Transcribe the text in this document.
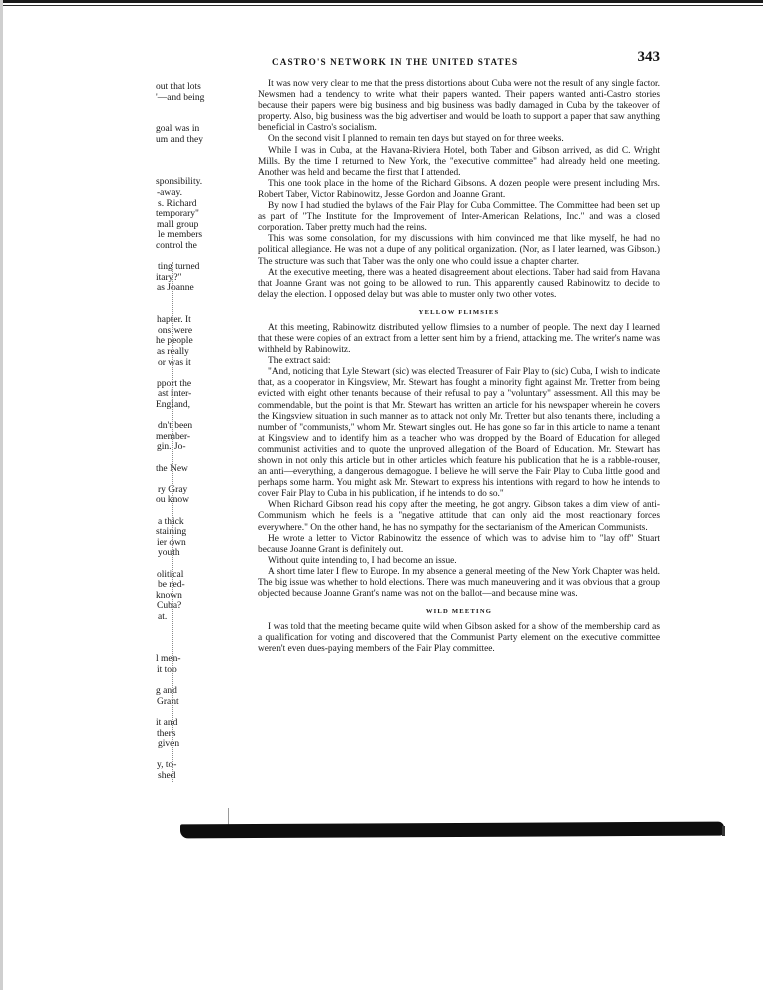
CASTRO'S NETWORK IN THE UNITED STATES	343
out that lots
'—and being
goal was in
um and they
sponsibility.
-away.
s. Richard
temporary"
mall group
le members
control the
ting turned
itary?"
as Joanne
hapter. It
ons were
he people
as really
or was it
pport the
ast inter-
England,
dn't been
member-
gin. Jo-
the New
ry Gray
ou know
a thick
staining
ier own
youth
olitical
be red-
known
Cuba?
at.
l men-
it too
g and
Grant
it and
thers
given
y, to-
shed

It was now very clear to me that the press distortions about Cuba were not the result of any single factor. Newsmen had a tendency to write what their papers wanted. Their papers wanted anti-Castro stories because their papers were big business and big business was badly damaged in Cuba by the takeover of property. Also, big business was the big advertiser and would be loath to support a paper that saw anything beneficial in Castro's socialism.

On the second visit I planned to remain ten days but stayed on for three weeks.

While I was in Cuba, at the Havana-Riviera Hotel, both Taber and Gibson arrived, as did C. Wright Mills. By the time I returned to New York, the "executive committee" had already held one meeting. Another was held and became the first that I attended.

This one took place in the home of the Richard Gibsons. A dozen people were present including Mrs. Robert Taber, Victor Rabinowitz, Jesse Gordon and Joanne Grant.

By now I had studied the bylaws of the Fair Play for Cuba Committee. The Committee had been set up as part of "The Institute for the Improvement of Inter-American Relations, Inc." and was a closed corporation. Taber pretty much had the reins.

This was some consolation, for my discussions with him convinced me that like myself, he had no political allegiance. He was not a dupe of any political organization. (Nor, as I later learned, was Gibson.) The structure was such that Taber was the only one who could issue a chapter charter.

At the executive meeting, there was a heated disagreement about elections. Taber had said from Havana that Joanne Grant was not going to be allowed to run. This apparently caused Rabinowitz to decide to delay the election. I opposed delay but was able to muster only two other votes.

YELLOW FLIMSIES

At this meeting, Rabinowitz distributed yellow flimsies to a number of people. The next day I learned that these were copies of an extract from a letter sent him by a friend, attacking me. The writer's name was withheld by Rabinowitz.

The extract said:

"And, noticing that Lyle Stewart (sic) was elected Treasurer of Fair Play to (sic) Cuba, I wish to indicate that, as a cooperator in Kingsview, Mr. Stewart has fought a minority fight against Mr. Tretter from being evicted with eight other tenants because of their refusal to pay a "voluntary" assessment. All this may be commendable, but the point is that Mr. Stewart has written an article for his newspaper wherein he covers the Kingsview situation in such manner as to attack not only Mr. Tretter but also tenants there, including a number of "communists," whom Mr. Stewart singles out. He has gone so far in this article to name a tenant at Kingsview and to identify him as a teacher who was dropped by the Board of Education for alleged communist activities and to quote the unproved allegation of the Board of Education. Mr. Stewart has shown in not only this article but in other articles which feature his publication that he is a rabble-rouser, an anti—everything, a dangerous demagogue. I believe he will serve the Fair Play to Cuba little good and perhaps some harm. You might ask Mr. Stewart to express his intentions with regard to how he intends to cover Fair Play to Cuba in his publication, if he intends to do so."

When Richard Gibson read his copy after the meeting, he got angry. Gibson takes a dim view of anti-Communism which he feels is a "negative attitude that can only aid the most reactionary forces everywhere." On the other hand, he has no sympathy for the sectarianism of the American Communists.

He wrote a letter to Victor Rabinowitz the essence of which was to advise him to "lay off" Stuart because Joanne Grant is definitely out.

Without quite intending to, I had become an issue.

A short time later I flew to Europe. In my absence a general meeting of the New York Chapter was held. The big issue was whether to hold elections. There was much maneuvering and it was obvious that a group objected because Joanne Grant's name was not on the ballot—and because mine was.

WILD MEETING

I was told that the meeting became quite wild when Gibson asked for a show of the membership card as a qualification for voting and discovered that the Communist Party element on the executive committee weren't even dues-paying members of the Fair Play committee.
